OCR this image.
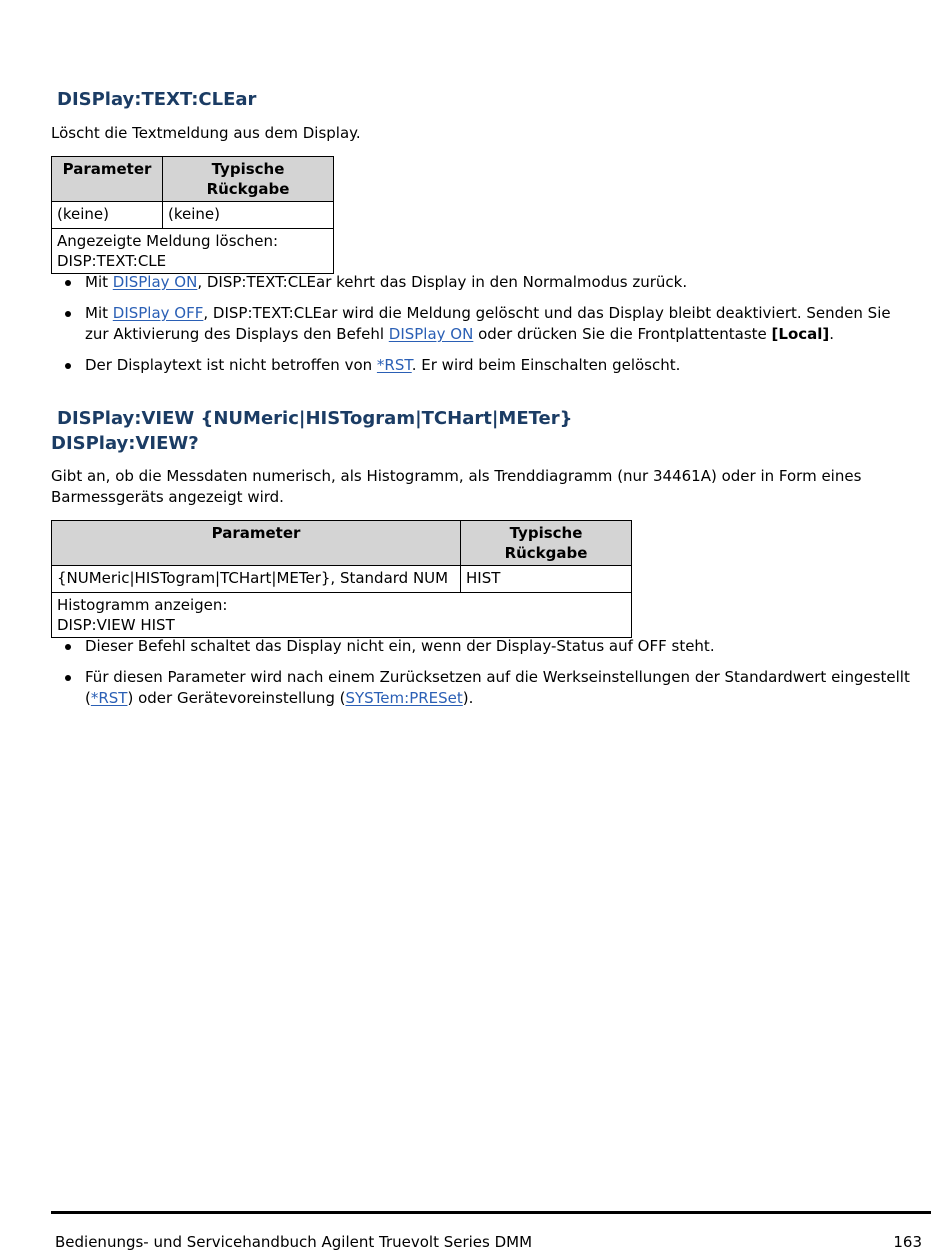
DISPlay:TEXT:CLEar

Löscht die Textmeldung aus dem Display.

Parameter	Typische Rückgabe
(keine)	(keine)

Angezeigte Meldung löschen:
DISP:TEXT:CLE	
Mit DISPlay ON, DISP:TEXT:CLEar kehrt das Display in den Normalmodus zurück.
Mit DISPlay OFF, DISP:TEXT:CLEar wird die Meldung gelöscht und das Display bleibt deaktiviert. Senden Sie zur Aktivierung des Displays den Befehl DISPlay ON oder drücken Sie die Frontplattentaste [Local].
Der Displaytext ist nicht betroffen von *RST. Er wird beim Einschalten gelöscht.
DISPlay:VIEW {NUMeric|HISTogram|TCHart|METer}
DISPlay:VIEW?

Gibt an, ob die Messdaten numerisch, als Histogramm, als Trenddiagramm (nur 34461A) oder in Form eines Barmessgeräts angezeigt wird.

Parameter	Typische Rückgabe
{NUMeric|HISTogram|TCHart|METer}, Standard NUM	HIST

Histogramm anzeigen:
DISP:VIEW HIST	
Dieser Befehl schaltet das Display nicht ein, wenn der Display-Status auf OFF steht.
Für diesen Parameter wird nach einem Zurücksetzen auf die Werkseinstellungen der Standardwert eingestellt (*RST) oder Gerätevoreinstellung (SYSTem:PRESet).
Bedienungs- und Servicehandbuch Agilent Truevolt Series DMM	163
